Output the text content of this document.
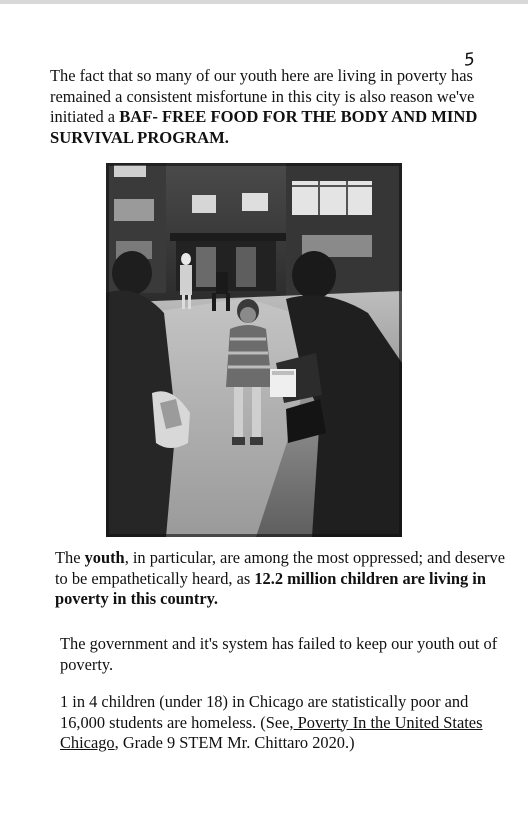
5

The fact that so many of our youth here are living in poverty has remained a consistent misfortune in this city is also reason we've initiated a BAF- FREE FOOD FOR THE BODY AND MIND SURVIVAL PROGRAM.

The youth, in particular, are among the most oppressed; and deserve to be empathetically heard, as 12.2 million children are living in poverty in this country.

The government and it's system has failed to keep our youth out of poverty.

1 in 4 children (under 18) in Chicago are statistically poor and 16,000 students are homeless. (See, Poverty In the United States Chicago, Grade 9 STEM Mr. Chittaro 2020.)
